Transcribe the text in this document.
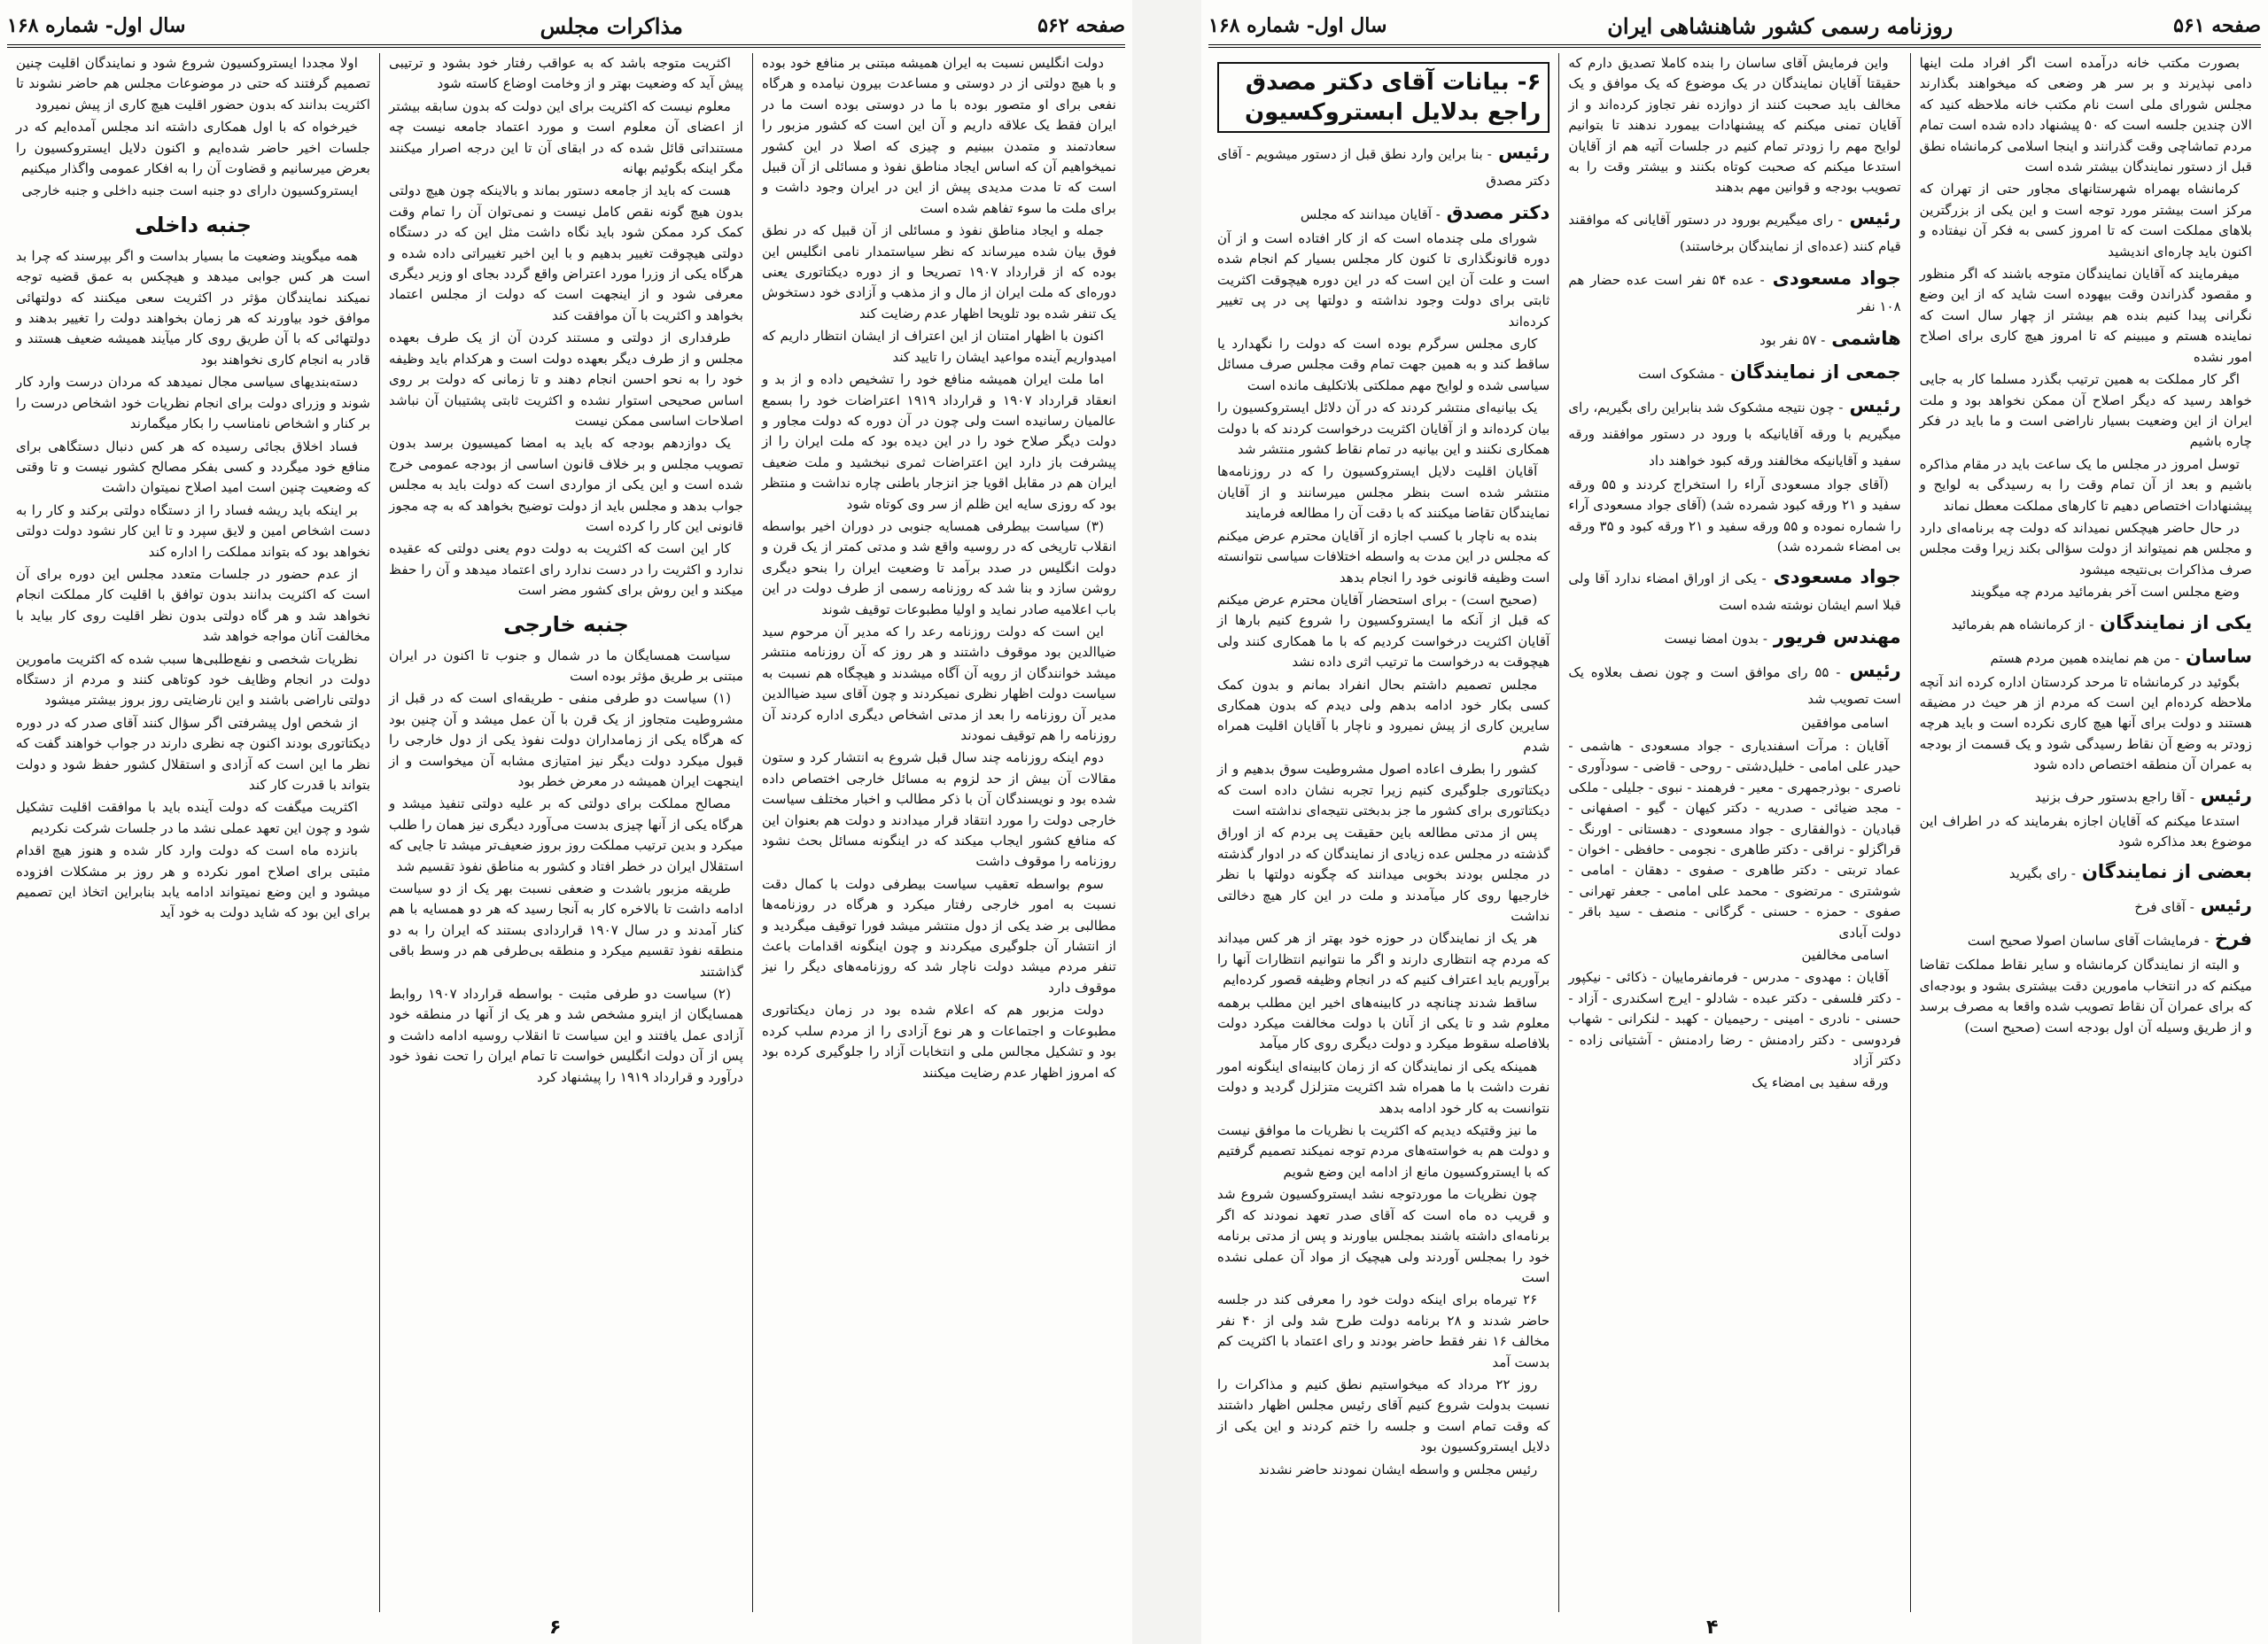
صفحه ۵۶۲
مذاکرات مجلس
سال اول- شماره ۱۶۸

دولت انگلیس نسبت به ایران همیشه مبتنی بر منافع خود بوده و با هیچ دولتی از در دوستی و مساعدت بیرون نیامده و هرگاه نفعی برای او متصور بوده با ما در دوستی بوده است ما در ایران فقط یک علاقه داریم و آن این است که کشور مزبور را سعادتمند و متمدن ببینیم و چیزی که اصلا در این کشور نمیخواهیم آن که اساس ایجاد مناطق نفوذ و مسائلی از آن قبیل است که تا مدت مدیدی پیش از این در ایران وجود داشت و برای ملت ما سوء تفاهم شده است

جمله و ایجاد مناطق نفوذ و مسائلی از آن قبیل که در نطق فوق بیان شده میرساند که نظر سیاستمدار نامی انگلیس این بوده که از قرارداد ۱۹۰۷ تصریحا و از دوره دیکتاتوری یعنی دوره‌ای که ملت ایران از مال و از مذهب و آزادی خود دستخوش یک تنفر شده بود تلویحا اظهار عدم رضایت کند

اکنون با اظهار امتنان از این اعتراف از ایشان انتظار داریم که امیدواریم آینده مواعید ایشان را تایید کند

اما ملت ایران همیشه منافع خود را تشخیص داده و از بد و انعقاد قرارداد ۱۹۰۷ و قرارداد ۱۹۱۹ اعتراضات خود را بسمع عالمیان رسانیده است ولی چون در آن دوره که دولت مجاور و دولت دیگر صلاح خود را در این دیده بود که ملت ایران را از پیشرفت باز دارد این اعتراضات ثمری نبخشید و ملت ضعیف ایران هم در مقابل اقویا جز انزجار باطنی چاره نداشت و منتظر بود که روزی سایه این ظلم از سر وی کوتاه شود

(۳) سیاست بیطرفی همسایه جنوبی در دوران اخیر بواسطه انقلاب تاریخی که در روسیه واقع شد و مدتی کمتر از یک قرن و دولت انگلیس در صدد برآمد تا وضعیت ایران را بنحو دیگری روشن سازد و بنا شد که روزنامه رسمی از طرف دولت در این باب اعلامیه صادر نماید و اولیا مطبوعات توقیف شوند

این است که دولت روزنامه رعد را که مدیر آن مرحوم سید ضیاالدین بود موقوف داشتند و هر روز که آن روزنامه منتشر میشد خوانندگان از رویه آن آگاه میشدند و هیچگاه هم نسبت به سیاست دولت اظهار نظری نمیکردند و چون آقای سید ضیاالدین مدیر آن روزنامه را بعد از مدتی اشخاص دیگری اداره کردند آن روزنامه را هم توقیف نمودند

دوم اینکه روزنامه چند سال قبل شروع به انتشار کرد و ستون مقالات آن بیش از حد لزوم به مسائل خارجی اختصاص داده شده بود و نویسندگان آن با ذکر مطالب و اخبار مختلف سیاست خارجی دولت را مورد انتقاد قرار میدادند و دولت هم بعنوان این که منافع کشور ایجاب میکند که در اینگونه مسائل بحث نشود روزنامه را موقوف داشت

سوم بواسطه تعقیب سیاست بیطرفی دولت با کمال دقت نسبت به امور خارجی رفتار میکرد و هرگاه در روزنامه‌ها مطالبی بر ضد یکی از دول منتشر میشد فورا توقیف میگردید و از انتشار آن جلوگیری میکردند و چون اینگونه اقدامات باعث تنفر مردم میشد دولت ناچار شد که روزنامه‌های دیگر را نیز موقوف دارد

دولت مزبور هم که اعلام شده بود در زمان دیکتاتوری مطبوعات و اجتماعات و هر نوع آزادی را از مردم سلب کرده بود و تشکیل مجالس ملی و انتخابات آزاد را جلوگیری کرده بود که امروز اظهار عدم رضایت میکنند

اکثریت متوجه باشد که به عواقب رفتار خود بشود و ترتیبی پیش آید که وضعیت بهتر و از وخامت اوضاع کاسته شود

معلوم نیست که اکثریت برای این دولت که بدون سابقه بیشتر از اعضای آن معلوم است و مورد اعتماد جامعه نیست چه مستنداتی قائل شده که در ابقای آن تا این درجه اصرار میکنند مگر اینکه بگوئیم بهانه

هست که باید از جامعه دستور بماند و بالاینکه چون هیچ دولتی بدون هیچ گونه نقص کامل نیست و نمی‌توان آن را تمام وقت کمک کرد ممکن شود باید نگاه داشت مثل این که در دستگاه دولتی هیچوقت تغییر بدهیم و با این اخیر تغییراتی داده شده و هرگاه یکی از وزرا مورد اعتراض واقع گردد بجای او وزیر دیگری معرفی شود و از اینجهت است که دولت از مجلس اعتماد بخواهد و اکثریت با آن موافقت کند

طرفداری از دولتی و مستند کردن آن از یک طرف بعهده مجلس و از طرف دیگر بعهده دولت است و هرکدام باید وظیفه خود را به نحو احسن انجام دهند و تا زمانی که دولت بر روی اساس صحیحی استوار نشده و اکثریت ثابتی پشتیبان آن نباشد اصلاحات اساسی ممکن نیست

یک دوازدهم بودجه که باید به امضا کمیسیون برسد بدون تصویب مجلس و بر خلاف قانون اساسی از بودجه عمومی خرج شده است و این یکی از مواردی است که دولت باید به مجلس جواب بدهد و مجلس باید از دولت توضیح بخواهد که به چه مجوز قانونی این کار را کرده است

کار این است که اکثریت به دولت دوم یعنی دولتی که عقیده ندارد و اکثریت را در دست ندارد رای اعتماد میدهد و آن را حفظ میکند و این روش برای کشور مضر است

جنبه خارجی

سیاست همسایگان ما در شمال و جنوب تا اکنون در ایران مبتنی بر طریق مؤثر بوده است

(۱) سیاست دو طرفی منفی - طریقه‌ای است که در قبل از مشروطیت متجاوز از یک قرن با آن عمل میشد و آن چنین بود که هرگاه یکی از زمامداران دولت نفوذ یکی از دول خارجی را قبول میکرد دولت دیگر نیز امتیازی مشابه آن میخواست و از اینجهت ایران همیشه در معرض خطر بود

مصالح مملکت برای دولتی که بر علیه دولتی تنفیذ میشد و هرگاه یکی از آنها چیزی بدست می‌آورد دیگری نیز همان را طلب میکرد و بدین ترتیب مملکت روز بروز ضعیف‌تر میشد تا جایی که استقلال ایران در خطر افتاد و کشور به مناطق نفوذ تقسیم شد

طریقه مزبور باشدت و ضعفی نسبت بهر یک از دو سیاست ادامه داشت تا بالاخره کار به آنجا رسید که هر دو همسایه با هم کنار آمدند و در سال ۱۹۰۷ قراردادی بستند که ایران را به دو منطقه نفوذ تقسیم میکرد و منطقه بی‌طرفی هم در وسط باقی گذاشتند

(۲) سیاست دو طرفی مثبت - بواسطه قرارداد ۱۹۰۷ روابط همسایگان از اینرو مشخص شد و هر یک از آنها در منطقه خود آزادی عمل یافتند و این سیاست تا انقلاب روسیه ادامه داشت و پس از آن دولت انگلیس خواست تا تمام ایران را تحت نفوذ خود درآورد و قرارداد ۱۹۱۹ را پیشنهاد کرد

اولا مجددا ایستروکسیون شروع شود و نمایندگان اقلیت چنین تصمیم گرفتند که حتی در موضوعات مجلس هم حاضر نشوند تا اکثریت بدانند که بدون حضور اقلیت هیچ کاری از پیش نمیرود

خیرخواه که با اول همکاری داشته اند مجلس آمده‌ایم که در جلسات اخیر حاضر شده‌ایم و اکنون دلایل ایستروکسیون را بعرض میرسانیم و قضاوت آن را به افکار عمومی واگذار میکنیم

ایستروکسیون دارای دو جنبه است جنبه داخلی و جنبه خارجی

جنبه داخلی

همه میگویند وضعیت ما بسیار بداست و اگر بپرسند که چرا بد است هر کس جوابی میدهد و هیچکس به عمق قضیه توجه نمیکند نمایندگان مؤثر در اکثریت سعی میکنند که دولتهائی موافق خود بیاورند که هر زمان بخواهند دولت را تغییر بدهند و دولتهائی که با آن طریق روی کار میآیند همیشه ضعیف هستند و قادر به انجام کاری نخواهند بود

دسته‌بندیهای سیاسی مجال نمیدهد که مردان درست وارد کار شوند و وزرای دولت برای انجام نظریات خود اشخاص درست را بر کنار و اشخاص نامناسب را بکار میگمارند

فساد اخلاق بجائی رسیده که هر کس دنبال دستگاهی برای منافع خود میگردد و کسی بفکر مصالح کشور نیست و تا وقتی که وضعیت چنین است امید اصلاح نمیتوان داشت

بر اینکه باید ریشه فساد را از دستگاه دولتی برکند و کار را به دست اشخاص امین و لایق سپرد و تا این کار نشود دولت دولتی نخواهد بود که بتواند مملکت را اداره کند

از عدم حضور در جلسات متعدد مجلس این دوره برای آن است که اکثریت بدانند بدون توافق با اقلیت کار مملکت انجام نخواهد شد و هر گاه دولتی بدون نظر اقلیت روی کار بیاید با مخالفت آنان مواجه خواهد شد

نظریات شخصی و نفع‌طلبی‌ها سبب شده که اکثریت مامورین دولت در انجام وظایف خود کوتاهی کنند و مردم از دستگاه دولتی ناراضی باشند و این نارضایتی روز بروز بیشتر میشود

از شخص اول پیشرفتی اگر سؤال کنند آقای صدر که در دوره دیکتاتوری بودند اکنون چه نظری دارند در جواب خواهند گفت که نظر ما این است که آزادی و استقلال کشور حفظ شود و دولت بتواند با قدرت کار کند

اکثریت میگفت که دولت آینده باید با موافقت اقلیت تشکیل شود و چون این تعهد عملی نشد ما در جلسات شرکت نکردیم

بانزده ماه است که دولت وارد کار شده و هنوز هیچ اقدام مثبتی برای اصلاح امور نکرده و هر روز بر مشکلات افزوده میشود و این وضع نمیتواند ادامه یابد بنابراین اتخاذ این تصمیم برای این بود که شاید دولت به خود آید

۶
صفحه ۵۶۱
روزنامه رسمی کشور شاهنشاهی ایران
سال اول- شماره ۱۶۸

بصورت مکتب خانه درآمده است اگر افراد ملت اینها دامی نپذیرند و بر سر هر وضعی که میخواهند بگذارند مجلس شورای ملی است نام مکتب خانه ملاحظه کنید که الان چندین جلسه است که ۵۰ پیشنهاد داده شده است تمام مردم تماشاچی وقت گذرانند و اینجا اسلامی کرمانشاه نطق قبل از دستور نمایندگان بیشتر شده است

کرمانشاه بهمراه شهرستانهای مجاور حتی از تهران که مرکز است بیشتر مورد توجه است و این یکی از بزرگترین بلاهای مملکت است که تا امروز کسی به فکر آن نیفتاده و اکنون باید چاره‌ای اندیشید

میفرمایند که آقایان نمایندگان متوجه باشند که اگر منظور و مقصود گذراندن وقت بیهوده است شاید که از این وضع نگرانی پیدا کنیم بنده هم بیشتر از چهار سال است که نماینده هستم و میبینم که تا امروز هیچ کاری برای اصلاح امور نشده

اگر کار مملکت به همین ترتیب بگذرد مسلما کار به جایی خواهد رسید که دیگر اصلاح آن ممکن نخواهد بود و ملت ایران از این وضعیت بسیار ناراضی است و ما باید در فکر چاره باشیم

توسل امروز در مجلس ما یک ساعت باید در مقام مذاکره باشیم و بعد از آن تمام وقت را به رسیدگی به لوایح و پیشنهادات اختصاص دهیم تا کارهای مملکت معطل نماند

در حال حاضر هیچکس نمیداند که دولت چه برنامه‌ای دارد و مجلس هم نمیتواند از دولت سؤالی بکند زیرا وقت مجلس صرف مذاکرات بی‌نتیجه میشود

وضع مجلس است آخر بفرمائید مردم چه میگویند

یکی از نمایندگان - از کرمانشاه هم بفرمائید
ساسان - من هم نماینده همین مردم هستم

بگوئید در کرمانشاه تا مرحد کردستان اداره کرده اند آنچه ملاحظه کرده‌ام این است که مردم از هر حیث در مضیقه هستند و دولت برای آنها هیچ کاری نکرده است و باید هرچه زودتر به وضع آن نقاط رسیدگی شود و یک قسمت از بودجه به عمران آن منطقه اختصاص داده شود

رئیس - آقا راجع بدستور حرف بزنید

استدعا میکنم که آقایان اجازه بفرمایند که در اطراف این موضوع بعد مذاکره شود

بعضی از نمایندگان - رای بگیرید
رئیس - آقای فرخ
فرخ - فرمایشات آقای ساسان اصولا صحیح است

و البته از نمایندگان کرمانشاه و سایر نقاط مملکت تقاضا میکنم که در انتخاب مامورین دقت بیشتری بشود و بودجه‌ای که برای عمران آن نقاط تصویب شده واقعا به مصرف برسد و از طریق وسیله آن اول بودجه است (صحیح است)

واین فرمایش آقای ساسان را بنده کاملا تصدیق دارم که حقیقتا آقایان نمایندگان در یک موضوع که یک موافق و یک مخالف باید صحبت کنند از دوازده نفر تجاوز کرده‌اند و از آقایان تمنی میکنم که پیشنهادات بیمورد ندهند تا بتوانیم لوایح مهم را زودتر تمام کنیم در جلسات آتیه هم از آقایان استدعا میکنم که صحبت کوتاه بکنند و بیشتر وقت را به تصویب بودجه و قوانین مهم بدهند

رئیس - رای میگیریم بورود در دستور آقایانی که موافقند قیام کنند (عده‌ای از نمایندگان برخاستند)
جواد مسعودی - عده ۵۴ نفر است عده حضار هم ۱۰۸ نفر
هاشمی - ۵۷ نفر بود
جمعی از نمایندگان - مشکوک است
رئیس - چون نتیجه مشکوک شد بنابراین رای بگیریم، رای میگیریم با ورقه آقایانیکه با ورود در دستور موافقند ورقه سفید و آقایانیکه مخالفند ورقه کبود خواهند داد

(آقای جواد مسعودی آراء را استخراج کردند و ۵۵ ورقه سفید و ۲۱ ورقه کبود شمرده شد) (آقای جواد مسعودی آراء را شماره نموده و ۵۵ ورقه سفید و ۲۱ ورقه کبود و ۳۵ ورقه بی امضاء شمرده شد)

جواد مسعودی - یکی از اوراق امضاء ندارد آقا ولی قبلا اسم ایشان نوشته شده است
مهندس فریور - بدون امضا نیست
رئیس - ۵۵ رای موافق است و چون نصف بعلاوه یک است تصویب شد

اسامی موافقین

آقایان : مرآت اسفندیاری - جواد مسعودی - هاشمی - حیدر علی امامی - خلیل‌دشتی - روحی - قاضی - سودآوری - ناصری - بوذرجمهری - معیر - فرهمند - نبوی - جلیلی - ملکی - مجد ضیائی - صدریه - دکتر کیهان - گیو - اصفهانی - قبادیان - ذوالفقاری - جواد مسعودی - دهستانی - اورنگ - قراگزلو - نراقی - دکتر طاهری - نجومی - حافظی - اخوان - عماد تربتی - دکتر طاهری - صفوی - دهقان - امامی - شوشتری - مرتضوی - محمد علی امامی - جعفر تهرانی - صفوی - حمزه - حسنی - گرگانی - منصف - سید باقر - دولت آبادی

اسامی مخالفین

آقایان : مهدوی - مدرس - فرمانفرماییان - ذکائی - نیکپور - دکتر فلسفی - دکتر عبده - شادلو - ایرج اسکندری - آزاد - حسنی - نادری - امینی - رحیمیان - کهبد - لنکرانی - شهاب فردوسی - دکتر رادمنش - رضا رادمنش - آشتیانی زاده - دکتر آزاد

ورقه سفید بی امضاء یک

۶- بیانات آقای دکتر مصدق راجع بدلایل ابستروکسیون
رئیس - بنا براین وارد نطق قبل از دستور میشویم - آقای دکتر مصدق
دکتر مصدق - آقایان میدانند که مجلس

شورای ملی چندماه است که از کار افتاده است و از آن دوره قانونگذاری تا کنون کار مجلس بسیار کم انجام شده است و علت آن این است که در این دوره هیچوقت اکثریت ثابتی برای دولت وجود نداشته و دولتها پی در پی تغییر کرده‌اند

کاری مجلس سرگرم بوده است که دولت را نگهدارد یا ساقط کند و به همین جهت تمام وقت مجلس صرف مسائل سیاسی شده و لوایح مهم مملکتی بلاتکلیف مانده است

یک بیانیه‌ای منتشر کردند که در آن دلائل ایستروکسیون را بیان کرده‌اند و از آقایان اکثریت درخواست کردند که با دولت همکاری نکنند و این بیانیه در تمام نقاط کشور منتشر شد

آقایان اقلیت دلایل ایستروکسیون را که در روزنامه‌ها منتشر شده است بنظر مجلس میرسانند و از آقایان نمایندگان تقاضا میکنند که با دقت آن را مطالعه فرمایند

بنده به ناچار با کسب اجازه از آقایان محترم عرض میکنم که مجلس در این مدت به واسطه اختلافات سیاسی نتوانسته است وظیفه قانونی خود را انجام بدهد

(صحیح است) - برای استحضار آقایان محترم عرض میکنم که قبل از آنکه ما ایستروکسیون را شروع کنیم بارها از آقایان اکثریت درخواست کردیم که با ما همکاری کنند ولی هیچوقت به درخواست ما ترتیب اثری داده نشد

مجلس تصمیم داشتم بحال انفراد بمانم و بدون کمک کسی بکار خود ادامه بدهم ولی دیدم که بدون همکاری سایرین کاری از پیش نمیرود و ناچار با آقایان اقلیت همراه شدم

کشور را بطرف اعاده اصول مشروطیت سوق بدهیم و از دیکتاتوری جلوگیری کنیم زیرا تجربه نشان داده است که دیکتاتوری برای کشور ما جز بدبختی نتیجه‌ای نداشته است

پس از مدتی مطالعه باین حقیقت پی بردم که از اوراق گذشته در مجلس عده زیادی از نمایندگان که در ادوار گذشته در مجلس بودند بخوبی میدانند که چگونه دولتها با نظر خارجیها روی کار میآمدند و ملت در این کار هیچ دخالتی نداشت

هر یک از نمایندگان در حوزه خود بهتر از هر کس میداند که مردم چه انتظاری دارند و اگر ما نتوانیم انتظارات آنها را برآوریم باید اعتراف کنیم که در انجام وظیفه قصور کرده‌ایم

ساقط شدند چنانچه در کابینه‌های اخیر این مطلب برهمه معلوم شد و تا یکی از آنان با دولت مخالفت میکرد دولت بلافاصله سقوط میکرد و دولت دیگری روی کار میآمد

همینکه یکی از نمایندگان که از زمان کابینه‌ای اینگونه امور نفرت داشت با ما همراه شد اکثریت متزلزل گردید و دولت نتوانست به کار خود ادامه بدهد

ما نیز وقتیکه دیدیم که اکثریت با نظریات ما موافق نیست و دولت هم به خواسته‌های مردم توجه نمیکند تصمیم گرفتیم که با ایستروکسیون مانع از ادامه این وضع شویم

چون نظریات ما موردتوجه نشد ایستروکسیون شروع شد و قریب ده ماه است که آقای صدر تعهد نمودند که اگر برنامه‌ای داشته باشند بمجلس بیاورند و پس از مدتی برنامه خود را بمجلس آوردند ولی هیچیک از مواد آن عملی نشده است

۲۶ تیرماه برای اینکه دولت خود را معرفی کند در جلسه حاضر شدند و ۲۸ برنامه دولت طرح شد ولی از ۴۰ نفر مخالف ۱۶ نفر فقط حاضر بودند و رای اعتماد با اکثریت کم بدست آمد

روز ۲۲ مرداد که میخواستیم نطق کنیم و مذاکرات را نسبت بدولت شروع کنیم آقای رئیس مجلس اظهار داشتند که وقت تمام است و جلسه را ختم کردند و این یکی از دلایل ایستروکسیون بود

رئیس مجلس و واسطه ایشان نمودند حاضر نشدند

۴
